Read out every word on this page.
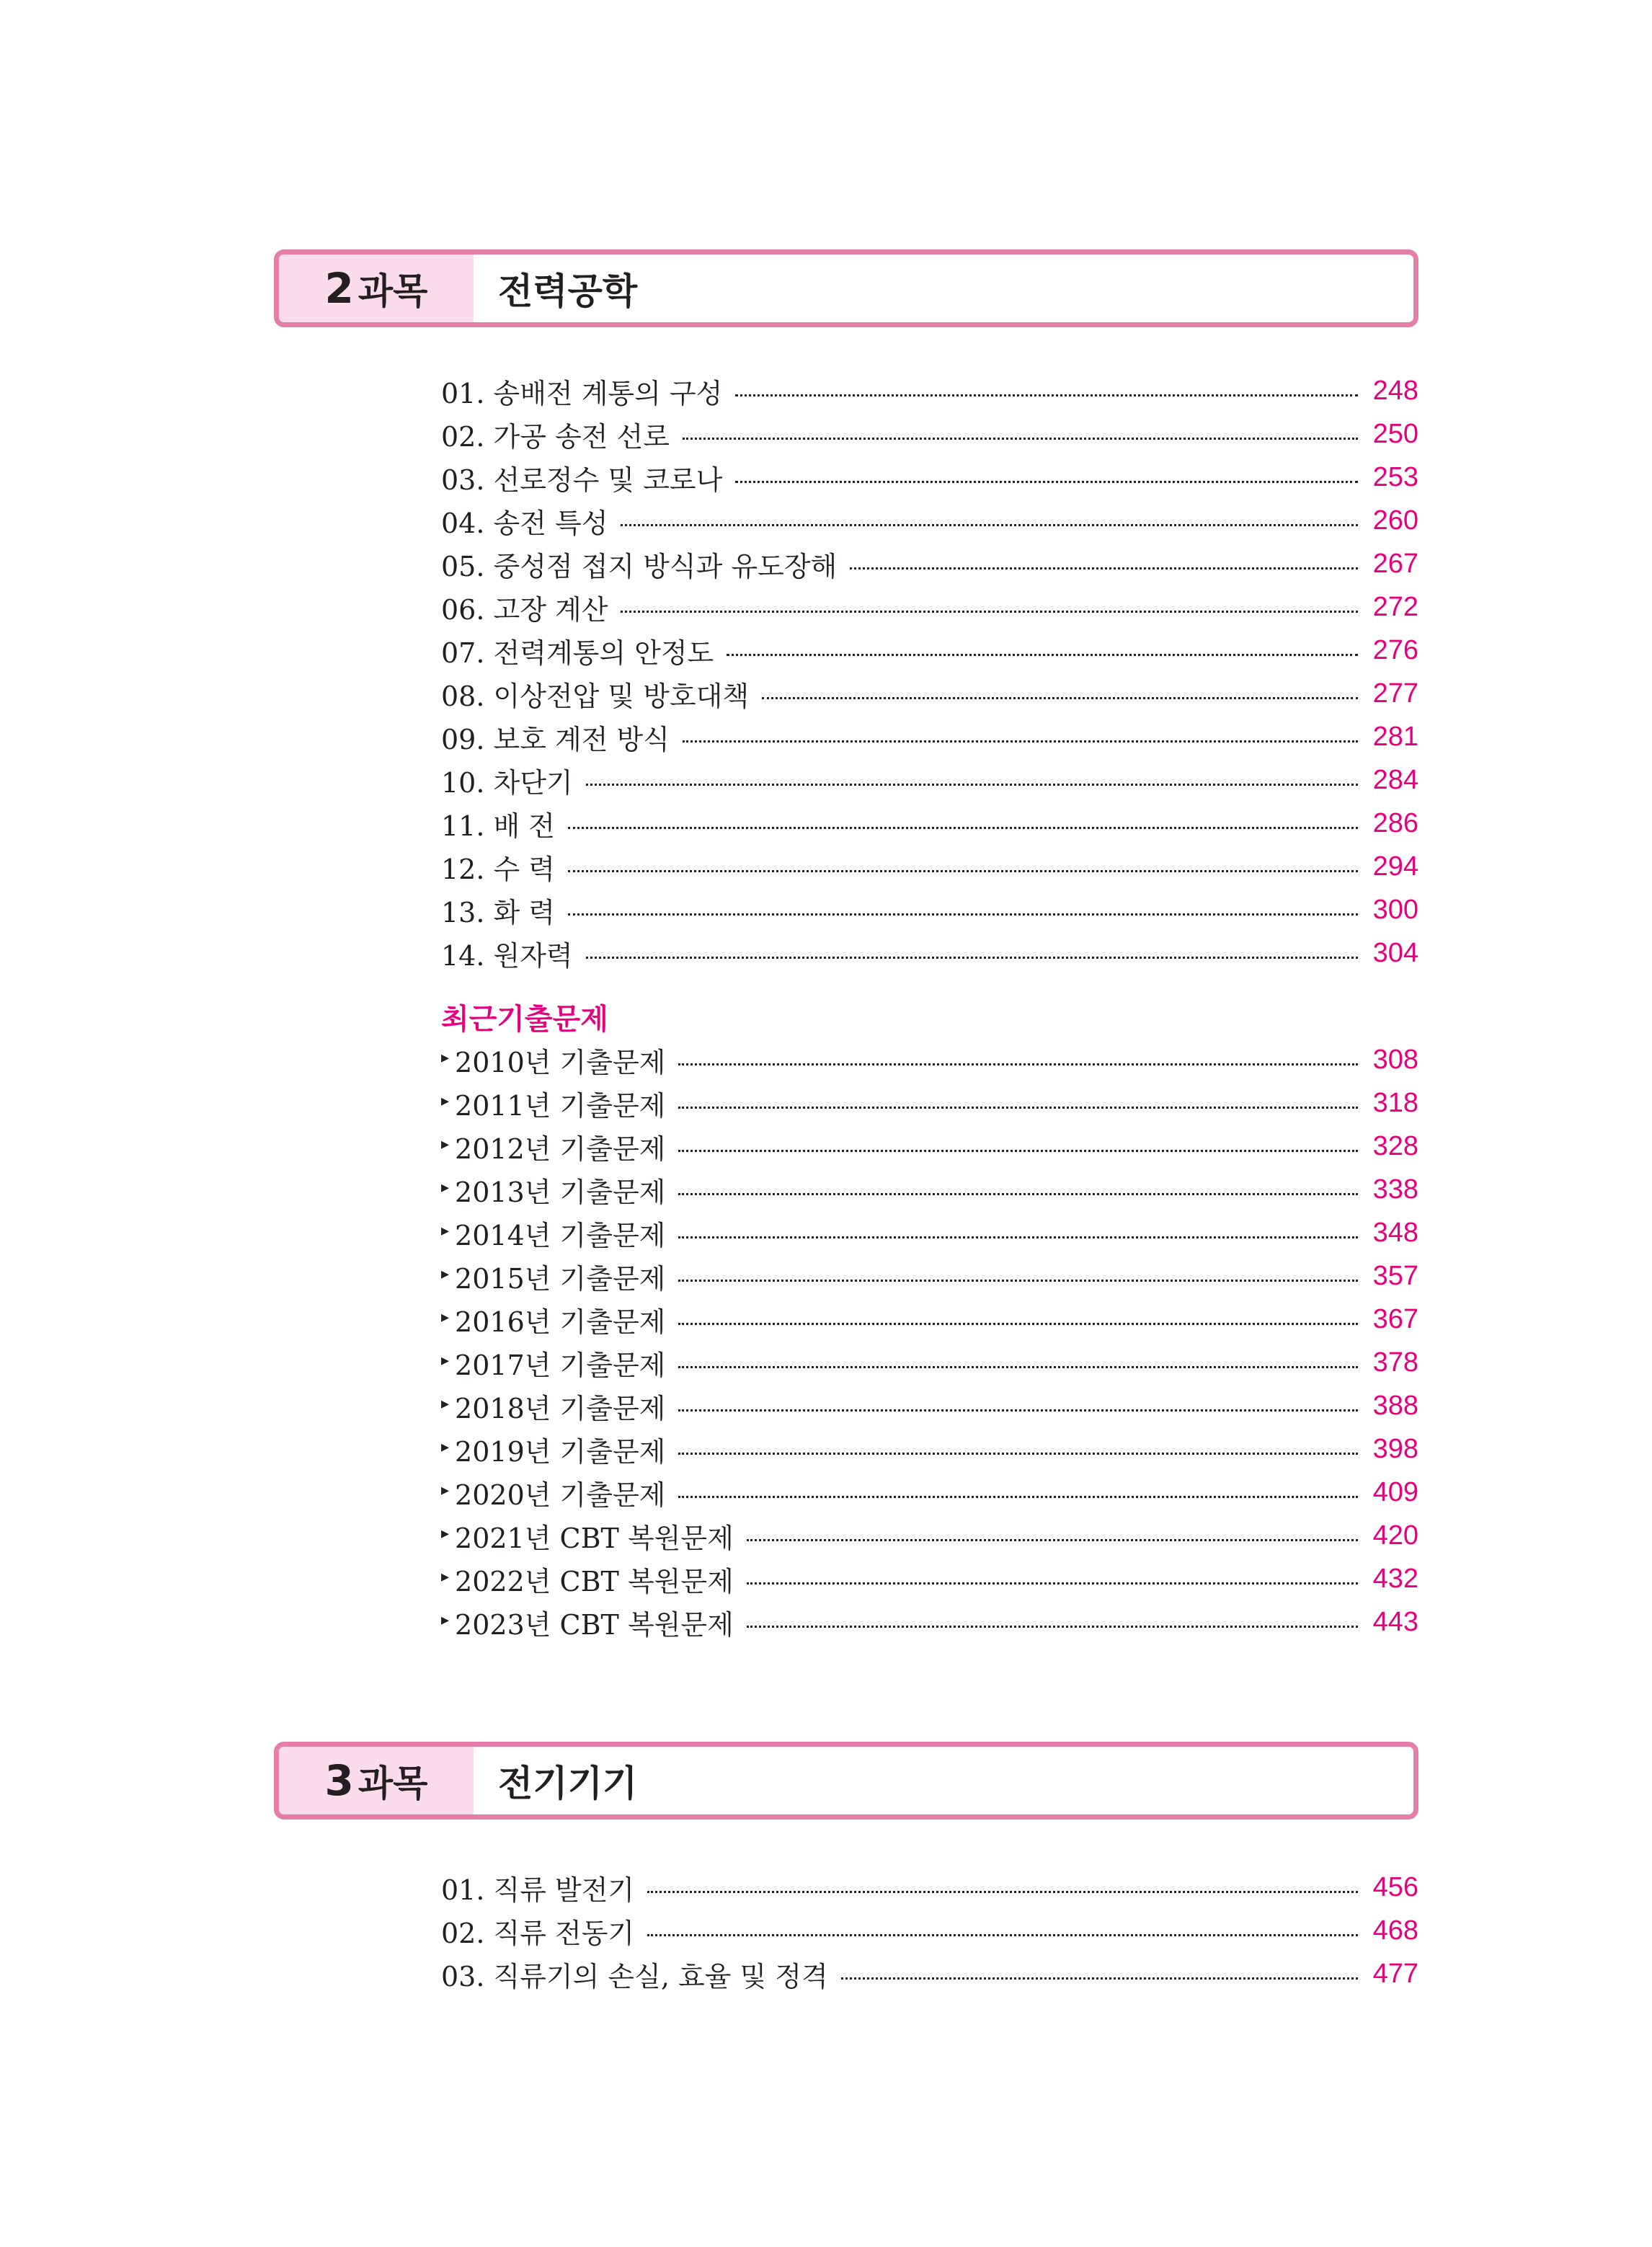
2 과목	전력공학
01. 송배전 계통의 구성	248
02. 가공 송전 선로	250
03. 선로정수 및 코로나	253
04. 송전 특성	260
05. 중성점 접지 방식과 유도장해	267
06. 고장 계산	272
07. 전력계통의 안정도	276
08. 이상전압 및 방호대책	277
09. 보호 계전 방식	281
10. 차단기	284
11. 배 전	286
12. 수 력	294
13. 화 력	300
14. 원자력	304
최근기출문제
▸ 2010년 기출문제	308
▸ 2011년 기출문제	318
▸ 2012년 기출문제	328
▸ 2013년 기출문제	338
▸ 2014년 기출문제	348
▸ 2015년 기출문제	357
▸ 2016년 기출문제	367
▸ 2017년 기출문제	378
▸ 2018년 기출문제	388
▸ 2019년 기출문제	398
▸ 2020년 기출문제	409
▸ 2021년 CBT 복원문제	420
▸ 2022년 CBT 복원문제	432
▸ 2023년 CBT 복원문제	443
3 과목	전기기기
01. 직류 발전기	456
02. 직류 전동기	468
03. 직류기의 손실, 효율 및 정격	477
